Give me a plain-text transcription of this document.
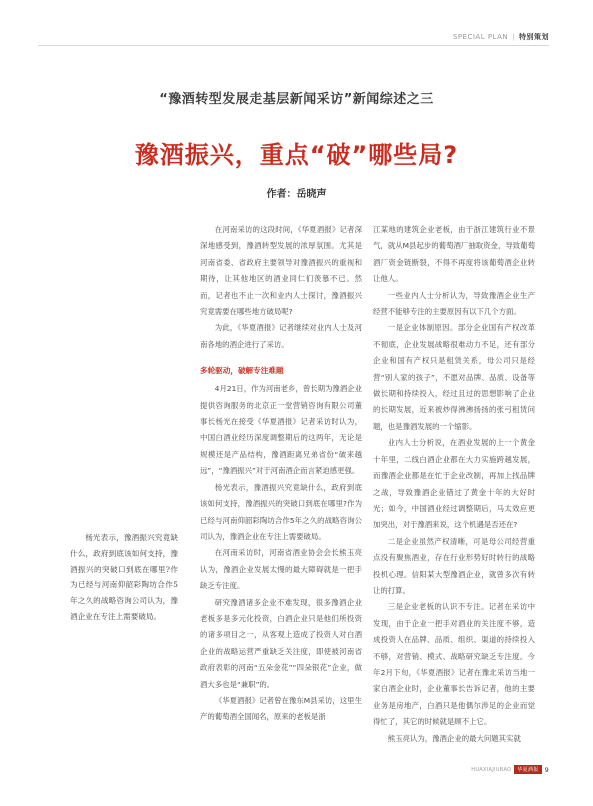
SPECIAL PLAN | 特别策划
“豫酒转型发展走基层新闻采访”新闻综述之三
豫酒振兴，重点“破”哪些局?
作者：岳晓声
杨光表示，豫酒振兴究竟缺什么，政府到底该如何支持，豫酒振兴的突破口到底在哪里?作为已经与河南仰韶彩陶坊合作5年之久的战略咨询公司认为，豫酒企业在专注上需要破局。

在河南采访的这段时间，《华夏酒报》记者深深地感受到，豫酒转型发展的浓厚氛围。尤其是河南省委、省政府主要领导对豫酒振兴的重视和期待，让其他地区的酒业同仁们羡慕不已。然而，记者也不止一次和业内人士探讨，豫酒振兴究竟需要在哪些地方破局呢?

为此，《华夏酒报》记者继续对业内人士及河南各地的酒企进行了采访。

多轮驱动，破解专注难题

4月21日，作为河南老乡，曾长期为豫酒企业提供咨询服务的北京正一堂营销咨询有限公司董事长杨光在接受《华夏酒报》记者采访时认为，中国白酒业经历深度调整期后的这两年，无论是规模还是产品结构，豫酒距离兄弟省份“破来越远”，“豫酒振兴”对于河南酒企而言紧迫感更强。

杨光表示，豫酒振兴究竟缺什么，政府到底该如何支持，豫酒振兴的突破口到底在哪里?作为已经与河南仰韶彩陶坊合作5年之久的战略咨询公司认为，豫酒企业在专注上需要破局。

在河南采访时，河南省酒业协会会长熊玉亮认为，豫酒企业发展太慢的最大障碍就是一把手缺乏专注度。

研究豫酒诸多企业不难发现，很多豫酒企业老板多是多元化投资，白酒企业只是他们所投资的诸多项目之一，从客观上造成了投资人对白酒企业的战略运营严重缺乏关注度，即使被河南省政府表彰的河南“五朵金花”“四朵银花”企业，做酒大多也是“兼职”的。

《华夏酒报》记者曾在豫东M县采访，这里生产的葡萄酒全国闻名，原来的老板是浙

江某地的建筑企业老板，由于浙江建筑行业不景气，就从M县起步的葡萄酒厂抽取资金，导致葡萄酒厂资金链断裂，不得不再度将该葡萄酒企业转让他人。

一些业内人士分析认为，导致豫酒企业生产经营不能够专注的主要原因有以下几个方面。

一是企业体制原因。部分企业国有产权改革不彻底，企业发展战略很难动力不足，还有部分企业和国有产权只是租赁关系，母公司只是经营“别人家的孩子”，不愿对品牌、品质、设备等做长期和持续投入，经过且过的思想影响了企业的长期发展，近来被炒得沸沸扬扬的张弓租赁问题，也是豫酒发展的一个缩影。

业内人士分析说，在酒业发展的上一个黄金十年里，二线白酒企业都在大力实施跨越发展，而豫酒企业都是在忙于企业改制，再加上找品牌之战，导致豫酒企业错过了黄金十年的大好时光；如今，中国酒业经过调整期后，马太效应更加突出，对于豫酒来说，这个机遇是否还在?

二是企业虽然产权清晰，可是母公司经营重点没有聚焦酒业，存在行业形势好时转行的战略投机心理。信阳某大型豫酒企业，就曾多次有转让的打算。

三是企业老板的认识不专注。记者在采访中发现，由于企业一把手对酒业的关注度不够，造成投资人在品牌、品质、组织、渠道的持续投入不够，对营销、模式、战略研究缺乏专注度。今年2月下旬，《华夏酒报》记者在豫北采访当地一家白酒企业时，企业董事长告诉记者，他的主要业务是房地产，白酒只是他偶尔涉足的企业而觉得忙了，其它的时候就是顾不上它。

熊玉亮认为，豫酒企业的最大问题其实就

HUAXIAJIUBAO	华夏酒报 9
